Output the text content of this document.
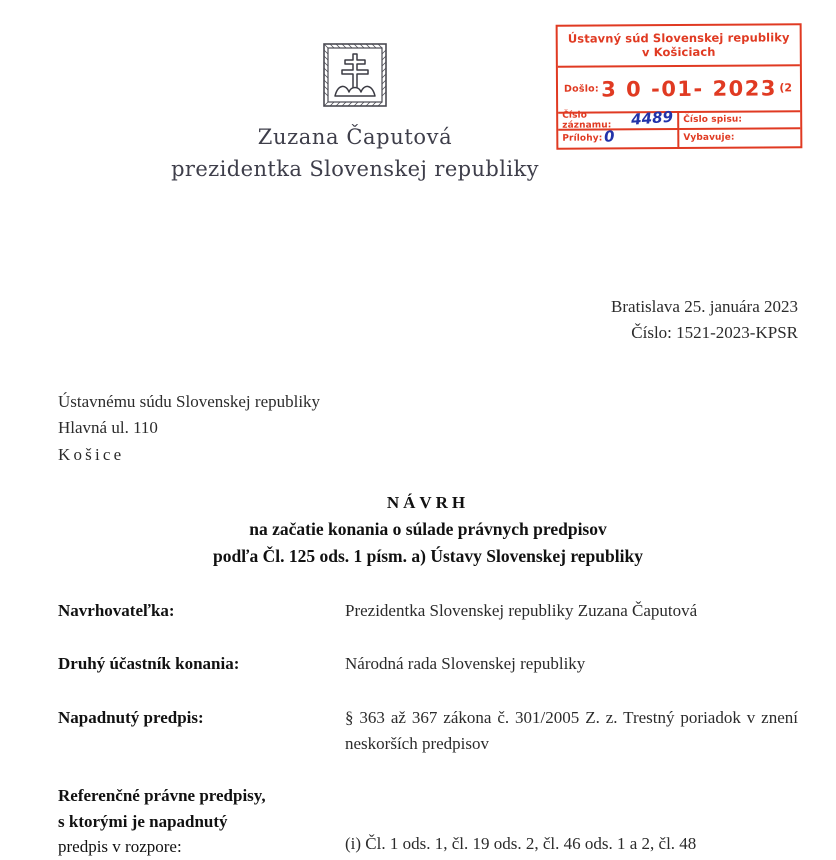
Zuzana Čaputová
prezidentka Slovenskej republiky
Ústavný súd Slovenskej republiky
v Košiciach
Došlo: 3 0 -01- 2023 (2
Číslo záznamu:	4489 Číslo spisu:
Prílohy: 0	Vybavuje:
Bratislava 25. januára 2023
Číslo: 1521-2023-KPSR
Ústavnému súdu Slovenskej republiky
Hlavná ul. 110
Košice
NÁVRH
na začatie konania o súlade právnych predpisov
podľa Čl. 125 ods. 1 písm. a) Ústavy Slovenskej republiky
Navrhovateľka:	Prezidentka Slovenskej republiky Zuzana Čaputová
Druhý účastník konania:	Národná rada Slovenskej republiky
Napadnutý predpis:	§ 363 až 367 zákona č. 301/2005 Z. z. Trestný poriadok v znení neskorších predpisov
Referenčné právne predpisy,
s ktorými je napadnutý
predpis v rozpore:	(i) Čl. 1 ods. 1, čl. 19 ods. 2, čl. 46 ods. 1 a 2, čl. 48
